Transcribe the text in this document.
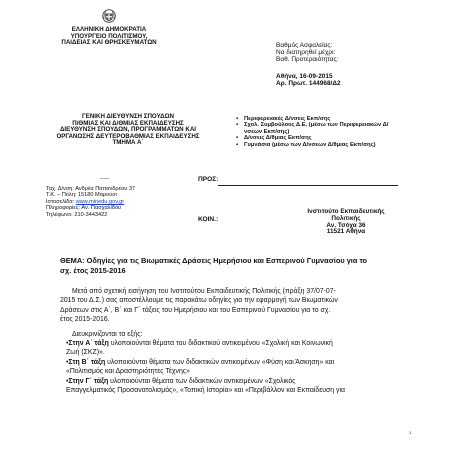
ΕΛΛΗΝΙΚΗ ΔΗΜΟΚΡΑΤΙΑ
ΥΠΟΥΡΓΕΙΟ ΠΟΛΙΤΙΣΜΟΥ,
ΠΑΙΔΕΙΑΣ ΚΑΙ ΘΡΗΣΚΕΥΜΑΤΩΝ	Βαθμός Ασφαλείας:
Να διατηρηθεί μέχρι:
Βαθ. Προτεραιότητας:
Αθήνα, 16-09-2015
Αρ. Πρωτ. 144968/Δ2
ΓΕΝΙΚΗ ΔΙΕΥΘΥΝΣΗ ΣΠΟΥΔΩΝ
Π/ΘΜΙΑΣ ΚΑΙ Δ/ΘΜΙΑΣ ΕΚΠΑΙΔΕΥΣΗΣ
ΔΙΕΥΘΥΝΣΗ ΣΠΟΥΔΩΝ, ΠΡΟΓΡΑΜΜΑΤΩΝ ΚΑΙ
ΟΡΓΑΝΩΣΗΣ ΔΕΥΤΕΡΟΒΑΘΜΙΑΣ ΕΚΠΑΙΔΕΥΣΗΣ
ΤΜΗΜΑ Α΄
▪ Περιφερειακές Δ/νσεις Εκπ/σης
▪ Σχολ. Συμβούλους Δ.Ε. (μέσω των Περιφερειακών Δ/νσεων Εκπ/σης)
▪ Δ/νσεις Δ/θμιας Εκπ/σης
▪ Γυμνάσια (μέσω των Δ/νσεων Δ/θμιας Εκπ/σης)
-----
Ταχ. Δ/νση: Ανδρέα Παπανδρέου 37
Τ.Κ. – Πόλη: 15180 Μαρούσι
Ιστοσελίδα: www.minedu.gov.gr
Πληροφορίες: Αν. Πασχαλίδου
Τηλέφωνο: 210-3443422
ΠΡΟΣ:
ΚΟΙΝ.:
Ινστιτούτο Εκπαιδευτικής
Πολιτικής
Αν. Τσόχα 36
11521 Αθήνα
ΘΕΜΑ: Οδηγίες για τις Βιωματικές Δράσεις Ημερήσιου και Εσπερινού Γυμνασίου για το
σχ. έτος 2015-2016
Μετά από σχετική εισήγηση του Ινστιτούτου Εκπαιδευτικής Πολιτικής (πράξη 37/07-07-
2015 του Δ.Σ.) σας αποστέλλουμε τις παρακάτω οδηγίες για την εφαρμογή των Βιωματικών
Δράσεων στις Α΄, Β΄ και Γ΄ τάξεις του Ημερήσιου και του Εσπερινού Γυμνασίου για το σχ.
έτος 2015-2016.
Διευκρινίζονται τα εξής:
•Στην Α΄ τάξη υλοποιούνται θέματα του διδακτικού αντικειμένου «Σχολική και Κοινωνική
Ζωή (ΣΚΖ)».
•Στη Β΄ τάξη υλοποιούνται θέματα των διδακτικών αντικειμένων «Φύση και Άσκηση» και
«Πολιτισμός και Δραστηριότητες Τέχνης»
•Στην Γ΄ τάξη υλοποιούνται θέματα των διδακτικών αντικειμένων «Σχολικός
Επαγγελματικός Προσανατολισμός», «Τοπική Ιστορία» και «Περιβάλλον και Εκπαίδευση για
1
